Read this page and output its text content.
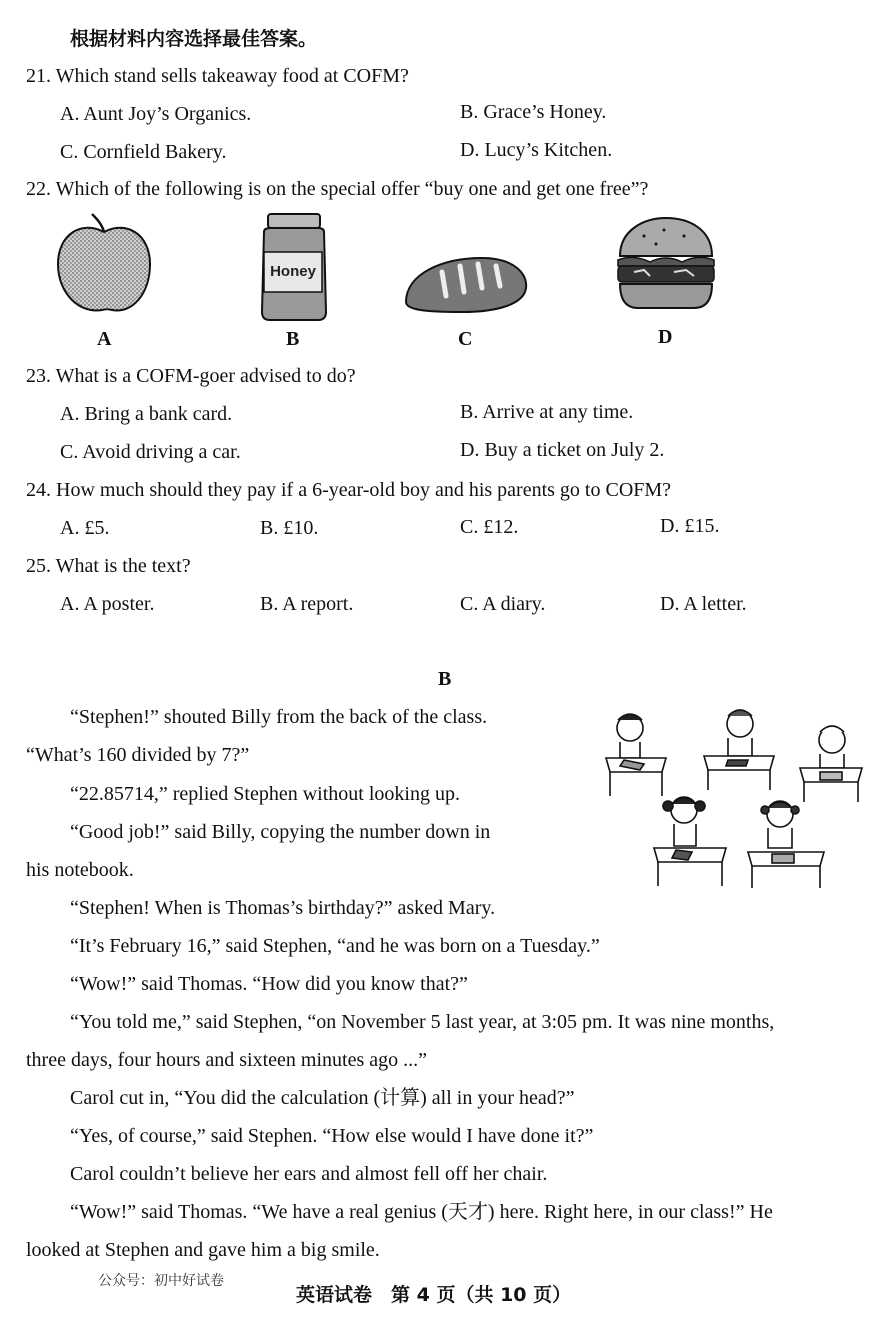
根据材料内容选择最佳答案。
21. Which stand sells takeaway food at COFM?
A. Aunt Joy’s Organics.	B. Grace’s Honey.
C. Cornfield Bakery.	D. Lucy’s Kitchen.
22. Which of the following is on the special offer “buy one and get one free”?
A
Honey
B	C	D
23. What is a COFM-goer advised to do?
A. Bring a bank card.	B. Arrive at any time.
C. Avoid driving a car.	D. Buy a ticket on July 2.
24. How much should they pay if a 6-year-old boy and his parents go to COFM?
A. £5.	B. £10.	C. £12.	D. £15.
25. What is the text?
A. A poster.	B. A report.	C. A diary.	D. A letter.
B
“Stephen!” shouted Billy from the back of the class.
“What’s 160 divided by 7?”
“22.85714,” replied Stephen without looking up.
“Good job!” said Billy, copying the number down in
his notebook.
“Stephen! When is Thomas’s birthday?” asked Mary.
“It’s February 16,” said Stephen, “and he was born on a Tuesday.”
“Wow!” said Thomas. “How did you know that?”
“You told me,” said Stephen, “on November 5 last year, at 3:05 pm. It was nine months,
three days, four hours and sixteen minutes ago ...”
Carol cut in, “You did the calculation (计算) all in your head?”
“Yes, of course,” said Stephen. “How else would I have done it?”
Carol couldn’t believe her ears and almost fell off her chair.
“Wow!” said Thomas. “We have a real genius (天才) here. Right here, in our class!” He
looked at Stephen and gave him a big smile.
公众号：初中好试卷
英语试卷　第 4 页（共 10 页）
